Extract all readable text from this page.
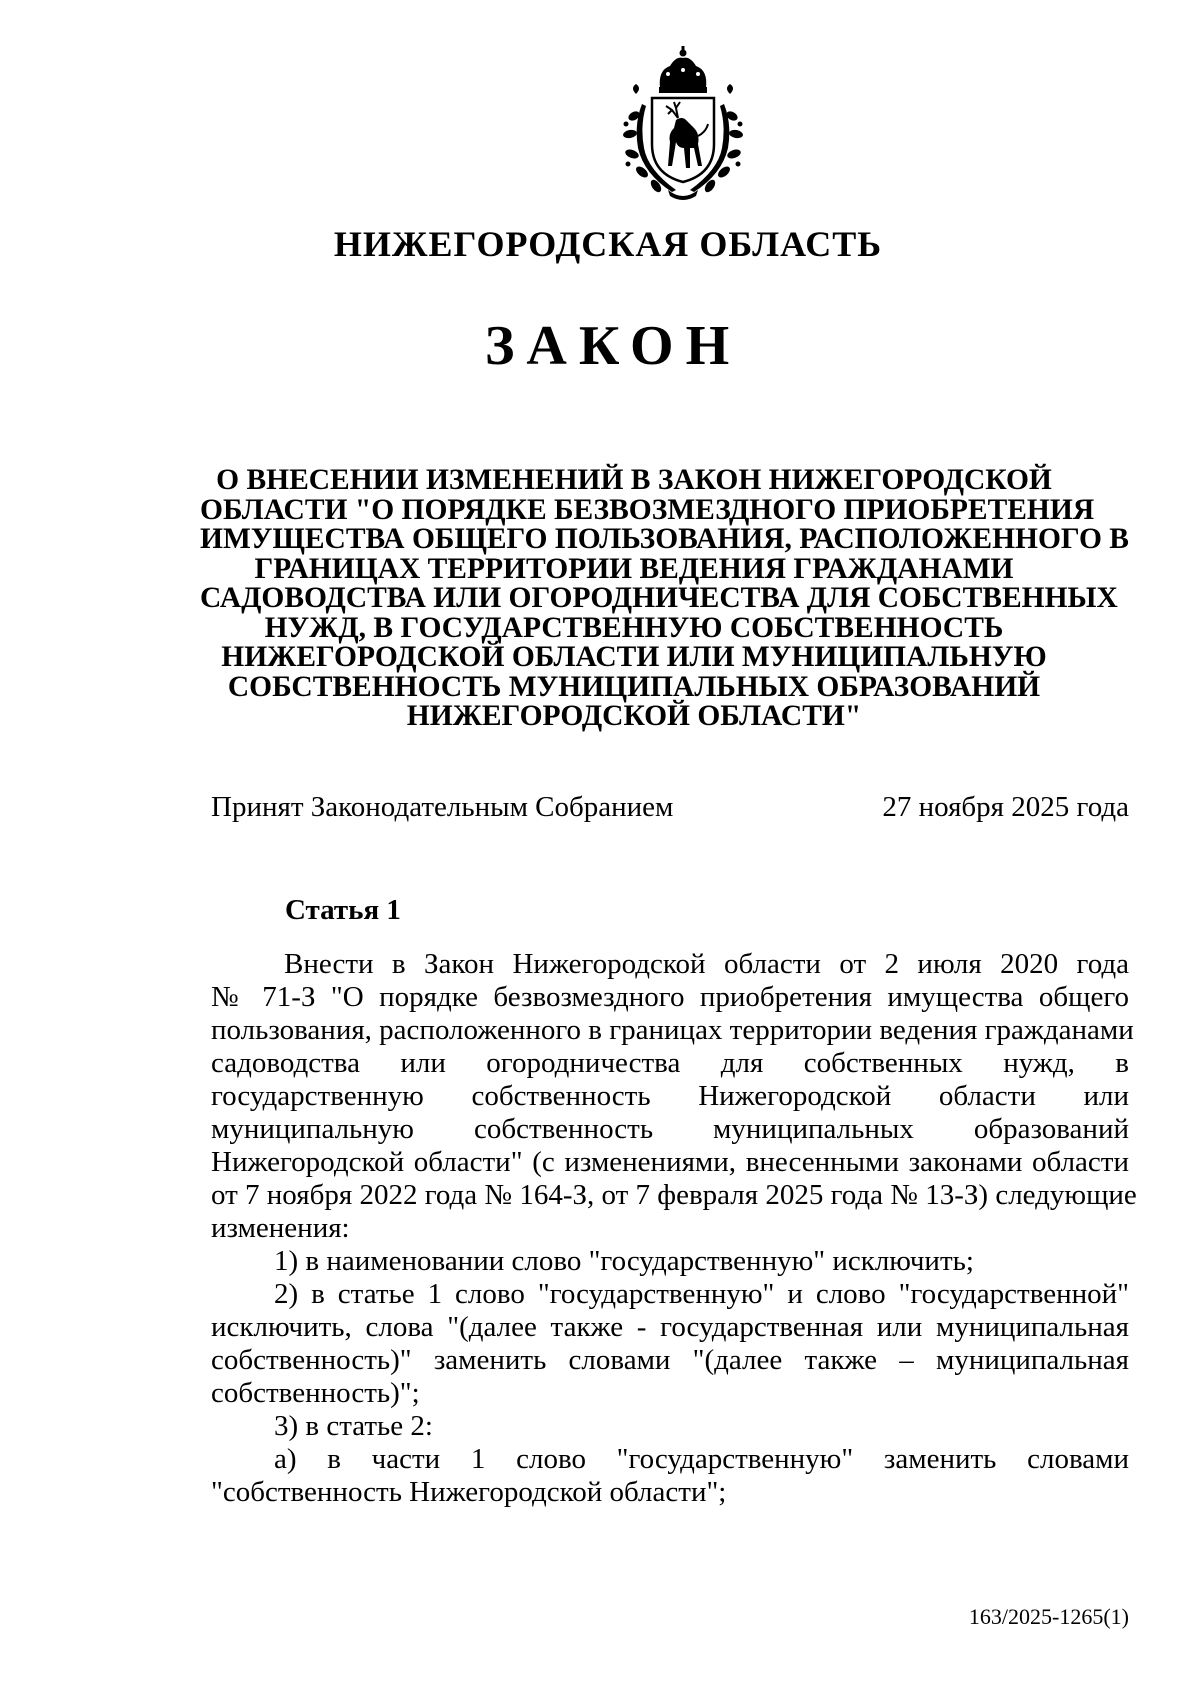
НИЖЕГОРОДСКАЯ ОБЛАСТЬ
ЗАКОН
О ВНЕСЕНИИ ИЗМЕНЕНИЙ В ЗАКОН НИЖЕГОРОДСКОЙ
ОБЛАСТИ "О ПОРЯДКЕ БЕЗВОЗМЕЗДНОГО ПРИОБРЕТЕНИЯ
ИМУЩЕСТВА ОБЩЕГО ПОЛЬЗОВАНИЯ, РАСПОЛОЖЕННОГО В
ГРАНИЦАХ ТЕРРИТОРИИ ВЕДЕНИЯ ГРАЖДАНАМИ
САДОВОДСТВА ИЛИ ОГОРОДНИЧЕСТВА ДЛЯ СОБСТВЕННЫХ
НУЖД, В ГОСУДАРСТВЕННУЮ СОБСТВЕННОСТЬ
НИЖЕГОРОДСКОЙ ОБЛАСТИ ИЛИ МУНИЦИПАЛЬНУЮ
СОБСТВЕННОСТЬ МУНИЦИПАЛЬНЫХ ОБРАЗОВАНИЙ
НИЖЕГОРОДСКОЙ ОБЛАСТИ"
Принят Законодательным Собранием	27 ноября 2025 года
Статья 1
Внести в Закон Нижегородской области от 2 июля 2020 года
№ 71-З "О порядке безвозмездного приобретения имущества общего
пользования, расположенного в границах территории ведения гражданами
садоводства или огородничества для собственных нужд, в
государственную собственность Нижегородской области или
муниципальную собственность муниципальных образований
Нижегородской области" (с изменениями, внесенными законами области
от 7 ноября 2022 года № 164-З, от 7 февраля 2025 года № 13-З) следующие
изменения:
1) в наименовании слово "государственную" исключить;
2) в статье 1 слово "государственную" и слово "государственной"
исключить, слова "(далее также - государственная или муниципальная
собственность)" заменить словами "(далее также – муниципальная
собственность)";
3) в статье 2:
а) в части 1 слово "государственную" заменить словами
"собственность Нижегородской области";
163/2025-1265(1)
